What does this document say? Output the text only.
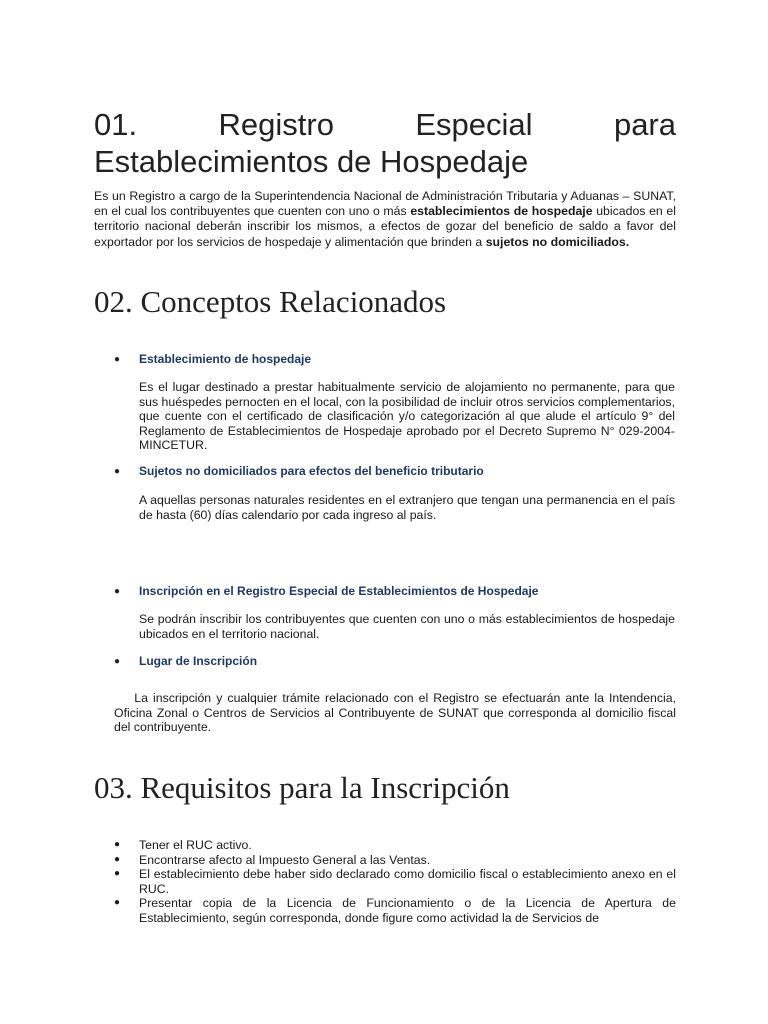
01.	Registro	Especial	para
Establecimientos de Hospedaje

Es un Registro a cargo de la Superintendencia Nacional de Administración Tributaria y Aduanas – SUNAT, en el cual los contribuyentes que cuenten con uno o más establecimientos de hospedaje ubicados en el territorio nacional deberán inscribir los mismos, a efectos de gozar del beneficio de saldo a favor del exportador por los servicios de hospedaje y alimentación que brinden a sujetos no domiciliados.

02. Conceptos Relacionados
● Establecimiento de hospedaje

Es el lugar destinado a prestar habitualmente servicio de alojamiento no permanente, para que sus huéspedes pernocten en el local, con la posibilidad de incluir otros servicios complementarios, que cuente con el certificado de clasificación y/o categorización al que alude el artículo 9° del Reglamento de Establecimientos de Hospedaje aprobado por el Decreto Supremo N° 029-2004-MINCETUR.

● Sujetos no domiciliados para efectos del beneficio tributario

A aquellas personas naturales residentes en el extranjero que tengan una permanencia en el país de hasta (60) días calendario por cada ingreso al país.

● Inscripción en el Registro Especial de Establecimientos de Hospedaje

Se podrán inscribir los contribuyentes que cuenten con uno o más establecimientos de hospedaje ubicados en el territorio nacional.

● Lugar de Inscripción

La inscripción y cualquier trámite relacionado con el Registro se efectuarán ante la Intendencia, Oficina Zonal o Centros de Servicios al Contribuyente de SUNAT que corresponda al domicilio fiscal del contribuyente.

03. Requisitos para la Inscripción
● Tener el RUC activo.
● Encontrarse afecto al Impuesto General a las Ventas.
● El establecimiento debe haber sido declarado como domicilio fiscal o establecimiento anexo en el RUC.
● Presentar copia de la Licencia de Funcionamiento o de la Licencia de Apertura de Establecimiento, según corresponda, donde figure como actividad la de Servicios de
